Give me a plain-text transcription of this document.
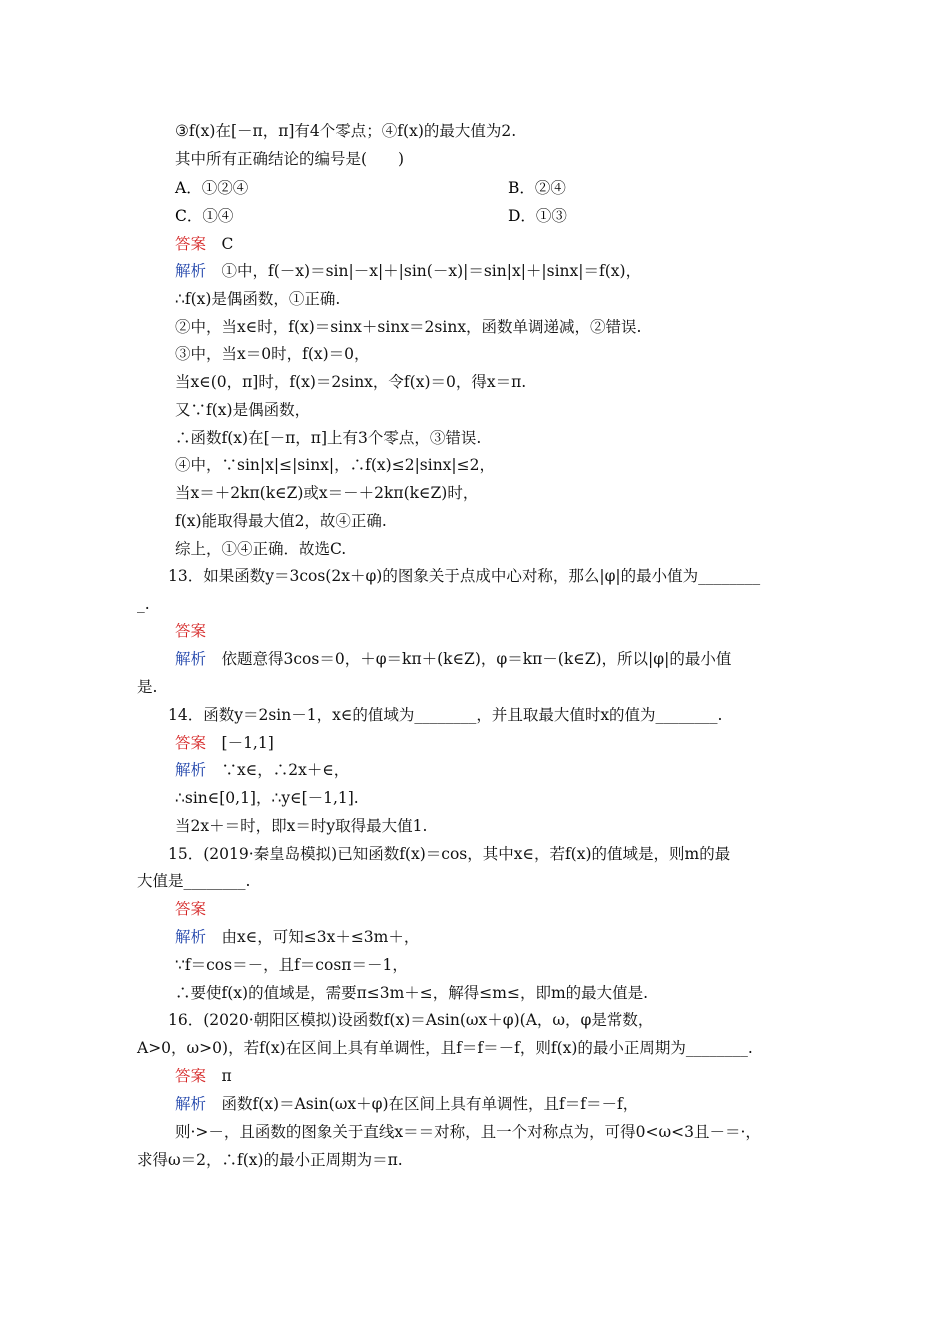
③f(x)在[－π，π]有4个零点；④f(x)的最大值为2.
其中所有正确结论的编号是(　　)
答案　C
解析　①中，f(－x)＝sin|－x|＋|sin(－x)|＝sin|x|＋|sinx|＝f(x)，
∴f(x)是偶函数，①正确.
②中，当x∈时，f(x)＝sinx＋sinx＝2sinx，函数单调递减，②错误.
③中，当x＝0时，f(x)＝0，
当x∈(0，π]时，f(x)＝2sinx，令f(x)＝0，得x＝π.
又∵f(x)是偶函数，
∴函数f(x)在[－π，π]上有3个零点，③错误.
④中，∵sin|x|≤|sinx|，∴f(x)≤2|sinx|≤2，
当x＝＋2kπ(k∈Z)或x＝－＋2kπ(k∈Z)时，
f(x)能取得最大值2，故④正确.
综上，①④正确．故选C.
　　13．如果函数y＝3cos(2x＋φ)的图象关于点成中心对称，那么|φ|的最小值为________
_.
答案
解析　依题意得3cos＝0，＋φ＝kπ＋(k∈Z)，φ＝kπ－(k∈Z)，所以|φ|的最小值
是.
　　14．函数y＝2sin－1，x∈的值域为________，并且取最大值时x的值为________.
答案　[－1,1]
解析　∵x∈，∴2x＋∈，
∴sin∈[0,1]，∴y∈[－1,1].
当2x＋＝时，即x＝时y取得最大值1.
　　15．(2019·秦皇岛模拟)已知函数f(x)＝cos，其中x∈，若f(x)的值域是，则m的最
大值是________.
答案
解析　由x∈，可知≤3x＋≤3m＋，
∵f＝cos＝－，且f＝cosπ＝－1，
∴要使f(x)的值域是，需要π≤3m＋≤，解得≤m≤，即m的最大值是.
　　16．(2020·朝阳区模拟)设函数f(x)＝Asin(ωx＋φ)(A，ω，φ是常数，
A>0，ω>0)，若f(x)在区间上具有单调性，且f＝f＝－f，则f(x)的最小正周期为________.
答案　π
解析　函数f(x)＝Asin(ωx＋φ)在区间上具有单调性，且f＝f＝－f，
则·>－，且函数的图象关于直线x＝＝对称，且一个对称点为，可得0<ω<3且－＝·，
求得ω＝2，∴f(x)的最小正周期为＝π.
A．①②④	B．②④
C．①④	D．①③
